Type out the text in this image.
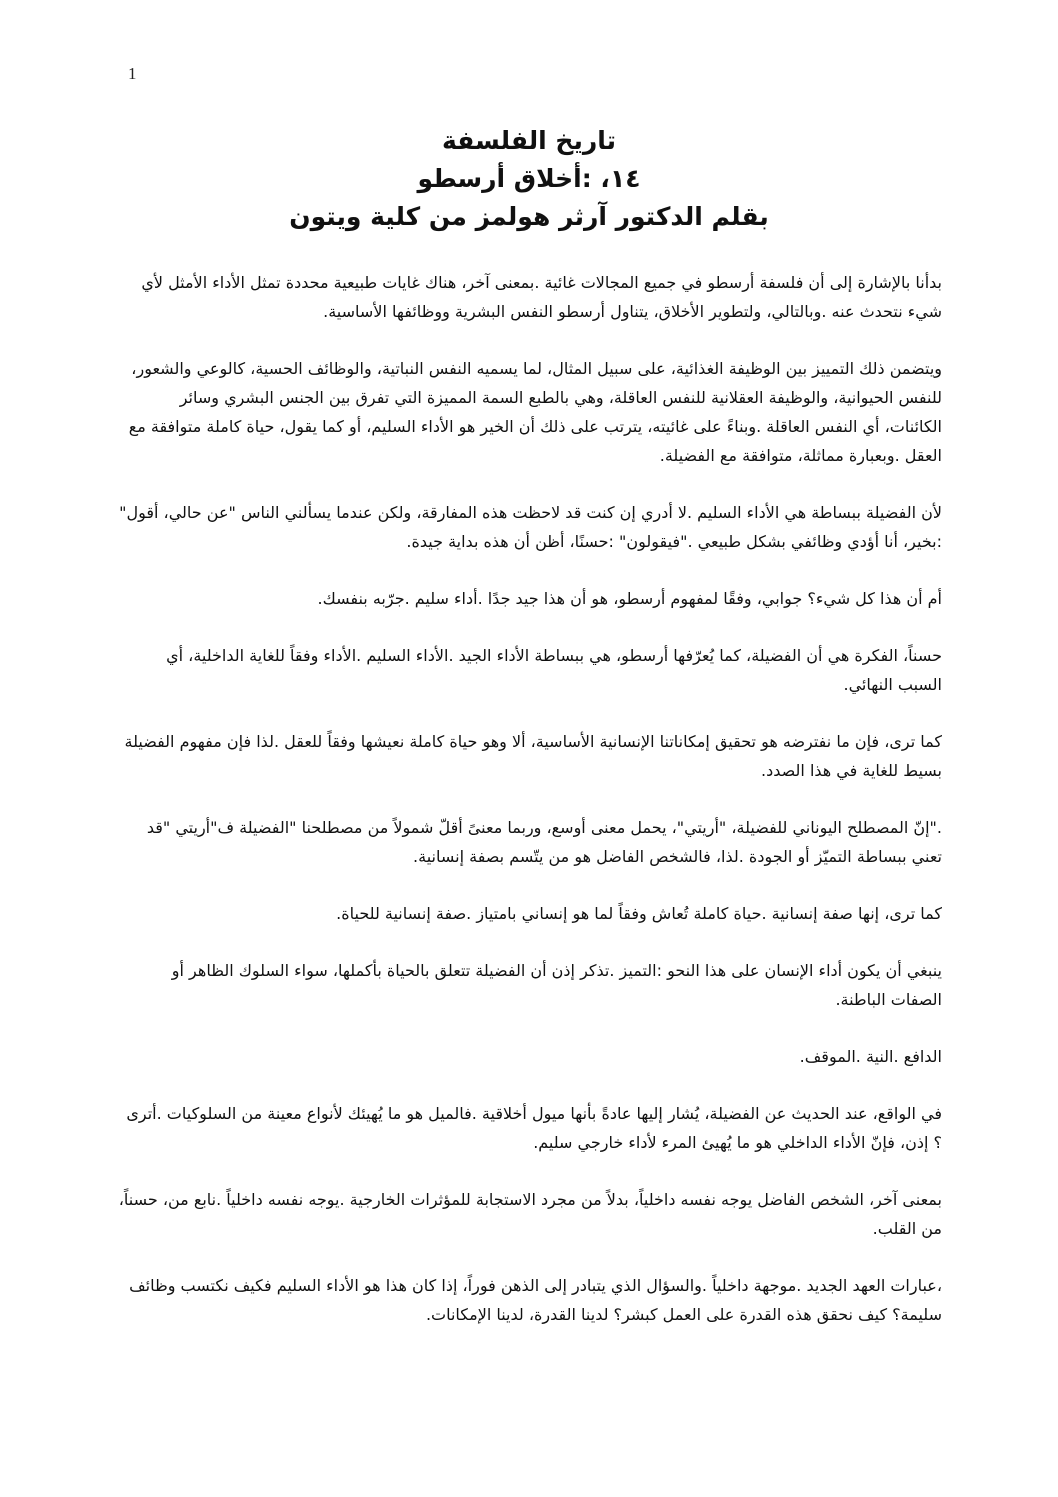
1
تاريخ الفلسفة
١٤، :أخلاق أرسطو
بقلم الدكتور آرثر هولمز من كلية ويتون

بدأنا بالإشارة إلى أن فلسفة أرسطو في جميع المجالات غائية .بمعنى آخر، هناك غايات طبيعية محددة تمثل الأداء الأمثل لأي شيء نتحدث عنه .وبالتالي، ولتطوير الأخلاق، يتناول أرسطو النفس البشرية ووظائفها الأساسية.

ويتضمن ذلك التمييز بين الوظيفة الغذائية، على سبيل المثال، لما يسميه النفس النباتية، والوظائف الحسية، كالوعي والشعور، للنفس الحيوانية، والوظيفة العقلانية للنفس العاقلة، وهي بالطبع السمة المميزة التي تفرق بين الجنس البشري وسائر الكائنات، أي النفس العاقلة .وبناءً على غائيته، يترتب على ذلك أن الخير هو الأداء السليم، أو كما يقول، حياة كاملة متوافقة مع العقل .وبعبارة مماثلة، متوافقة مع الفضيلة.

لأن الفضيلة ببساطة هي الأداء السليم .لا أدري إن كنت قد لاحظت هذه المفارقة، ولكن عندما يسألني الناس "عن حالي، أقول" :بخير، أنا أؤدي وظائفي بشكل طبيعي ."فيقولون" :حسنًا، أظن أن هذه بداية جيدة.

أم أن هذا كل شيء؟ جوابي، وفقًا لمفهوم أرسطو، هو أن هذا جيد جدًا .أداء سليم .جرّبه بنفسك.

حسناً، الفكرة هي أن الفضيلة، كما يُعرّفها أرسطو، هي ببساطة الأداء الجيد .الأداء السليم .الأداء وفقاً للغاية الداخلية، أي السبب النهائي.

كما ترى، فإن ما نفترضه هو تحقيق إمكاناتنا الإنسانية الأساسية، ألا وهو حياة كاملة نعيشها وفقاً للعقل .لذا فإن مفهوم الفضيلة بسيط للغاية في هذا الصدد.

."إنّ المصطلح اليوناني للفضيلة، "أريتي"، يحمل معنى أوسع، وربما معنىً أقلّ شمولاً من مصطلحنا "الفضيلة ف"أريتي "قد تعني ببساطة التميّز أو الجودة .لذا، فالشخص الفاضل هو من يتّسم بصفة إنسانية.

كما ترى، إنها صفة إنسانية .حياة كاملة تُعاش وفقاً لما هو إنساني بامتياز .صفة إنسانية للحياة.

ينبغي أن يكون أداء الإنسان على هذا النحو :التميز .تذكر إذن أن الفضيلة تتعلق بالحياة بأكملها، سواء السلوك الظاهر أو الصفات الباطنة.

الدافع .النية .الموقف.

في الواقع، عند الحديث عن الفضيلة، يُشار إليها عادةً بأنها ميول أخلاقية .فالميل هو ما يُهيئك لأنواع معينة من السلوكيات .أترى ؟ إذن، فإنّ الأداء الداخلي هو ما يُهيئ المرء لأداء خارجي سليم.

بمعنى آخر، الشخص الفاضل يوجه نفسه داخلياً، بدلاً من مجرد الاستجابة للمؤثرات الخارجية .يوجه نفسه داخلياً .نابع من، حسناً، من القلب.

،عبارات العهد الجديد .موجهة داخلياً .والسؤال الذي يتبادر إلى الذهن فوراً، إذا كان هذا هو الأداء السليم فكيف نكتسب وظائف سليمة؟ كيف نحقق هذه القدرة على العمل كبشر؟ لدينا القدرة، لدينا الإمكانات.
